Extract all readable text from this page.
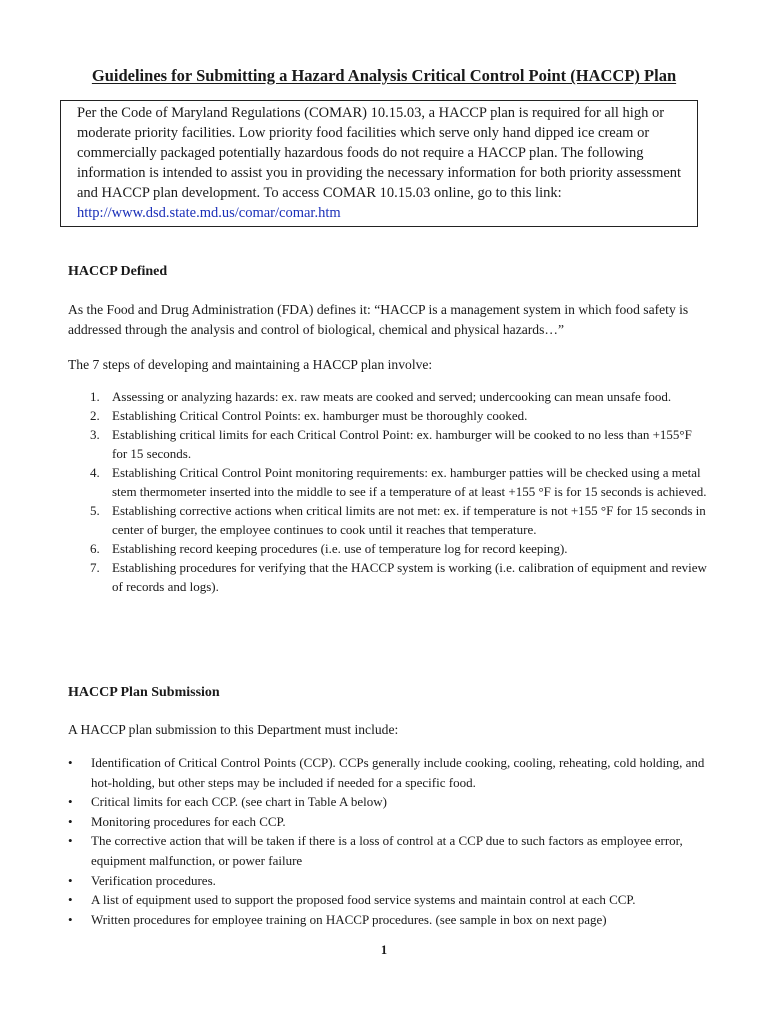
Guidelines for Submitting a Hazard Analysis Critical Control Point (HACCP) Plan

Per the Code of Maryland Regulations (COMAR) 10.15.03, a HACCP plan is required for all high or moderate priority facilities. Low priority food facilities which serve only hand dipped ice cream or commercially packaged potentially hazardous foods do not require a HACCP plan. The following information is intended to assist you in providing the necessary information for both priority assessment and HACCP plan development. To access COMAR 10.15.03 online, go to this link:
http://www.dsd.state.md.us/comar/comar.htm

HACCP Defined

As the Food and Drug Administration (FDA) defines it: “HACCP is a management system in which food safety is addressed through the analysis and control of biological, chemical and physical hazards…”

The 7 steps of developing and maintaining a HACCP plan involve:

1. Assessing or analyzing hazards: ex. raw meats are cooked and served; undercooking can mean unsafe food.
2. Establishing Critical Control Points: ex. hamburger must be thoroughly cooked.
3. Establishing critical limits for each Critical Control Point: ex. hamburger will be cooked to no less than +155°F for 15 seconds.
4. Establishing Critical Control Point monitoring requirements: ex. hamburger patties will be checked using a metal stem thermometer inserted into the middle to see if a temperature of at least +155 °F is for 15 seconds is achieved.
5. Establishing corrective actions when critical limits are not met: ex. if temperature is not +155 °F for 15 seconds in center of burger, the employee continues to cook until it reaches that temperature.
6. Establishing record keeping procedures (i.e. use of temperature log for record keeping).
7. Establishing procedures for verifying that the HACCP system is working (i.e. calibration of equipment and review of records and logs).
HACCP Plan Submission

A HACCP plan submission to this Department must include:

• Identification of Critical Control Points (CCP). CCPs generally include cooking, cooling, reheating, cold holding, and hot-holding, but other steps may be included if needed for a specific food.
• Critical limits for each CCP. (see chart in Table A below)
• Monitoring procedures for each CCP.
• The corrective action that will be taken if there is a loss of control at a CCP due to such factors as employee error, equipment malfunction, or power failure
• Verification procedures.
• A list of equipment used to support the proposed food service systems and maintain control at each CCP.
• Written procedures for employee training on HACCP procedures. (see sample in box on next page)

1
